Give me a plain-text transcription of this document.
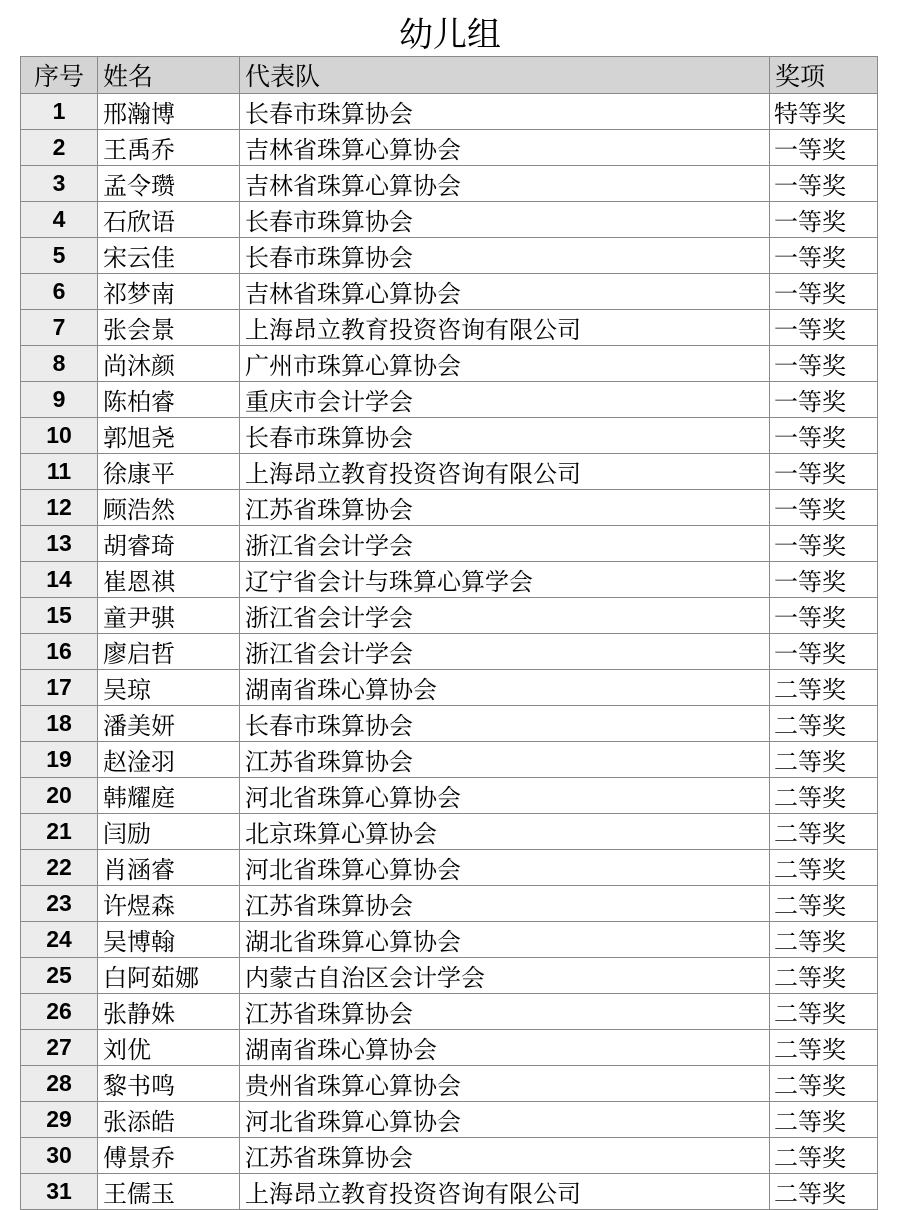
幼儿组
序号	姓名	代表队	奖项
1	邢瀚博	长春市珠算协会	特等奖
2	王禹乔	吉林省珠算心算协会	一等奖
3	孟令瓒	吉林省珠算心算协会	一等奖
4	石欣语	长春市珠算协会	一等奖
5	宋云佳	长春市珠算协会	一等奖
6	祁梦南	吉林省珠算心算协会	一等奖
7	张会景	上海昂立教育投资咨询有限公司	一等奖
8	尚沐颜	广州市珠算心算协会	一等奖
9	陈柏睿	重庆市会计学会	一等奖
10	郭旭尧	长春市珠算协会	一等奖
11	徐康平	上海昂立教育投资咨询有限公司	一等奖
12	顾浩然	江苏省珠算协会	一等奖
13	胡睿琦	浙江省会计学会	一等奖
14	崔恩祺	辽宁省会计与珠算心算学会	一等奖
15	童尹骐	浙江省会计学会	一等奖
16	廖启哲	浙江省会计学会	一等奖
17	吴琼	湖南省珠心算协会	二等奖
18	潘美妍	长春市珠算协会	二等奖
19	赵淦羽	江苏省珠算协会	二等奖
20	韩耀庭	河北省珠算心算协会	二等奖
21	闫励	北京珠算心算协会	二等奖
22	肖涵睿	河北省珠算心算协会	二等奖
23	许煜森	江苏省珠算协会	二等奖
24	吴博翰	湖北省珠算心算协会	二等奖
25	白阿茹娜	内蒙古自治区会计学会	二等奖
26	张静姝	江苏省珠算协会	二等奖
27	刘优	湖南省珠心算协会	二等奖
28	黎书鸣	贵州省珠算心算协会	二等奖
29	张添皓	河北省珠算心算协会	二等奖
30	傅景乔	江苏省珠算协会	二等奖
31	王儒玉	上海昂立教育投资咨询有限公司	二等奖
